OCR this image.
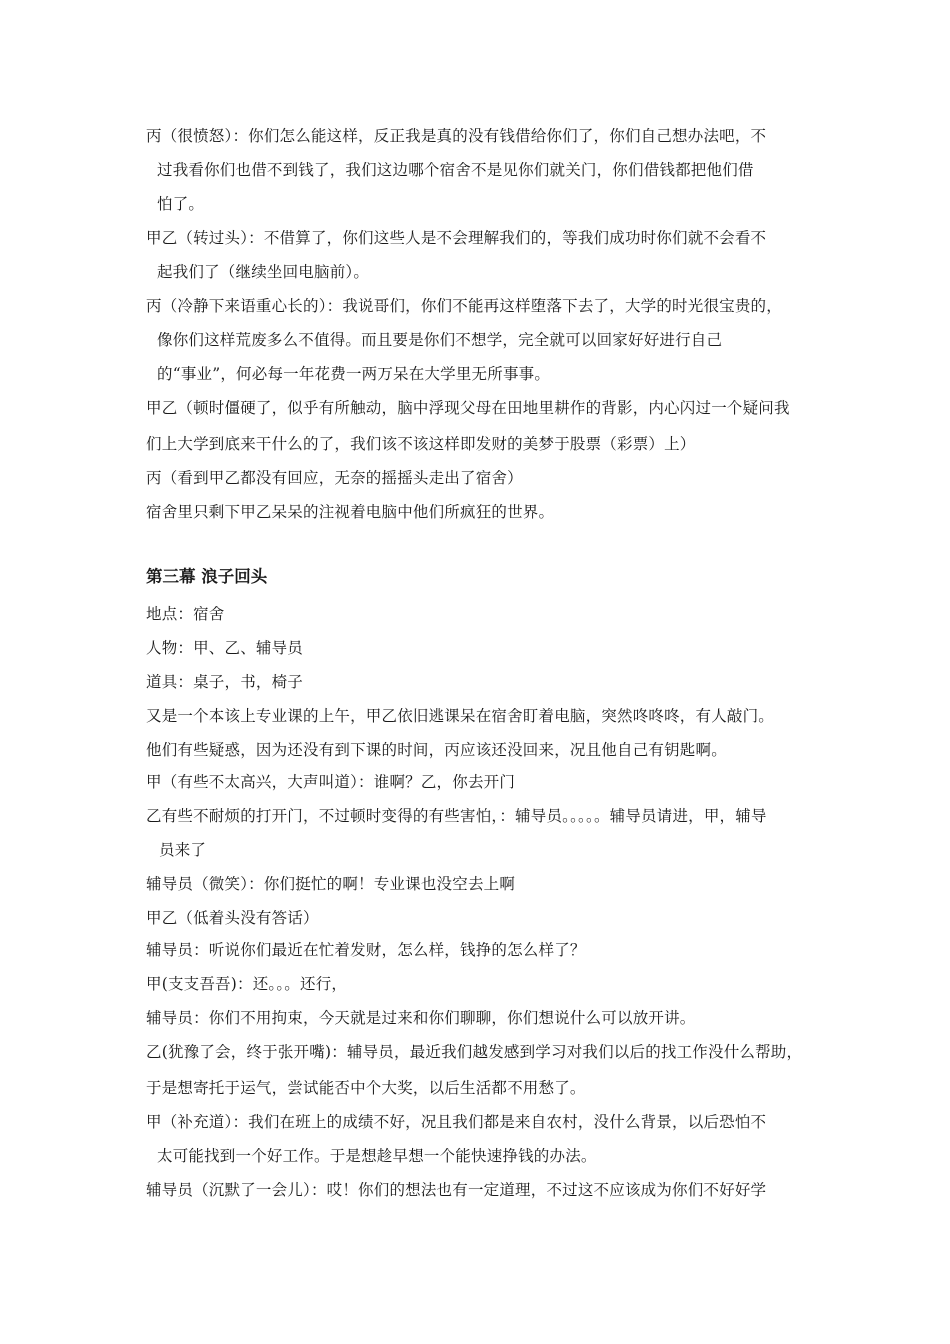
丙（很愤怒）：你们怎么能这样，反正我是真的没有钱借给你们了，你们自己想办法吧，不
过我看你们也借不到钱了，我们这边哪个宿舍不是见你们就关门，你们借钱都把他们借
怕了。
甲乙（转过头）：不借算了，你们这些人是不会理解我们的，等我们成功时你们就不会看不
起我们了（继续坐回电脑前）。
丙（冷静下来语重心长的）：我说哥们，你们不能再这样堕落下去了，大学的时光很宝贵的，
像你们这样荒废多么不值得。而且要是你们不想学，完全就可以回家好好进行自己
的“事业”，何必每一年花费一两万呆在大学里无所事事。
甲乙（顿时僵硬了，似乎有所触动，脑中浮现父母在田地里耕作的背影，内心闪过一个疑问我
们上大学到底来干什么的了，我们该不该这样即发财的美梦于股票（彩票）上）
丙（看到甲乙都没有回应，无奈的摇摇头走出了宿舍）
宿舍里只剩下甲乙呆呆的注视着电脑中他们所疯狂的世界。
第三幕 浪子回头
地点：宿舍
人物：甲、乙、辅导员
道具：桌子，书，椅子
又是一个本该上专业课的上午，甲乙依旧逃课呆在宿舍盯着电脑，突然咚咚咚，有人敲门。
他们有些疑惑，因为还没有到下课的时间，丙应该还没回来，况且他自己有钥匙啊。
甲（有些不太高兴，大声叫道）：谁啊？乙，你去开门
乙有些不耐烦的打开门，不过顿时变得的有些害怕，：辅导员。。。。。辅导员请进，甲，辅导
员来了
辅导员（微笑）：你们挺忙的啊！专业课也没空去上啊
甲乙（低着头没有答话）
辅导员：听说你们最近在忙着发财，怎么样，钱挣的怎么样了？
甲(支支吾吾)：还。。。还行，
辅导员：你们不用拘束，今天就是过来和你们聊聊，你们想说什么可以放开讲。
乙(犹豫了会，终于张开嘴)：辅导员，最近我们越发感到学习对我们以后的找工作没什么帮助，
于是想寄托于运气，尝试能否中个大奖，以后生活都不用愁了。
甲（补充道）：我们在班上的成绩不好，况且我们都是来自农村，没什么背景，以后恐怕不
太可能找到一个好工作。于是想趁早想一个能快速挣钱的办法。
辅导员（沉默了一会儿）：哎！你们的想法也有一定道理，不过这不应该成为你们不好好学
